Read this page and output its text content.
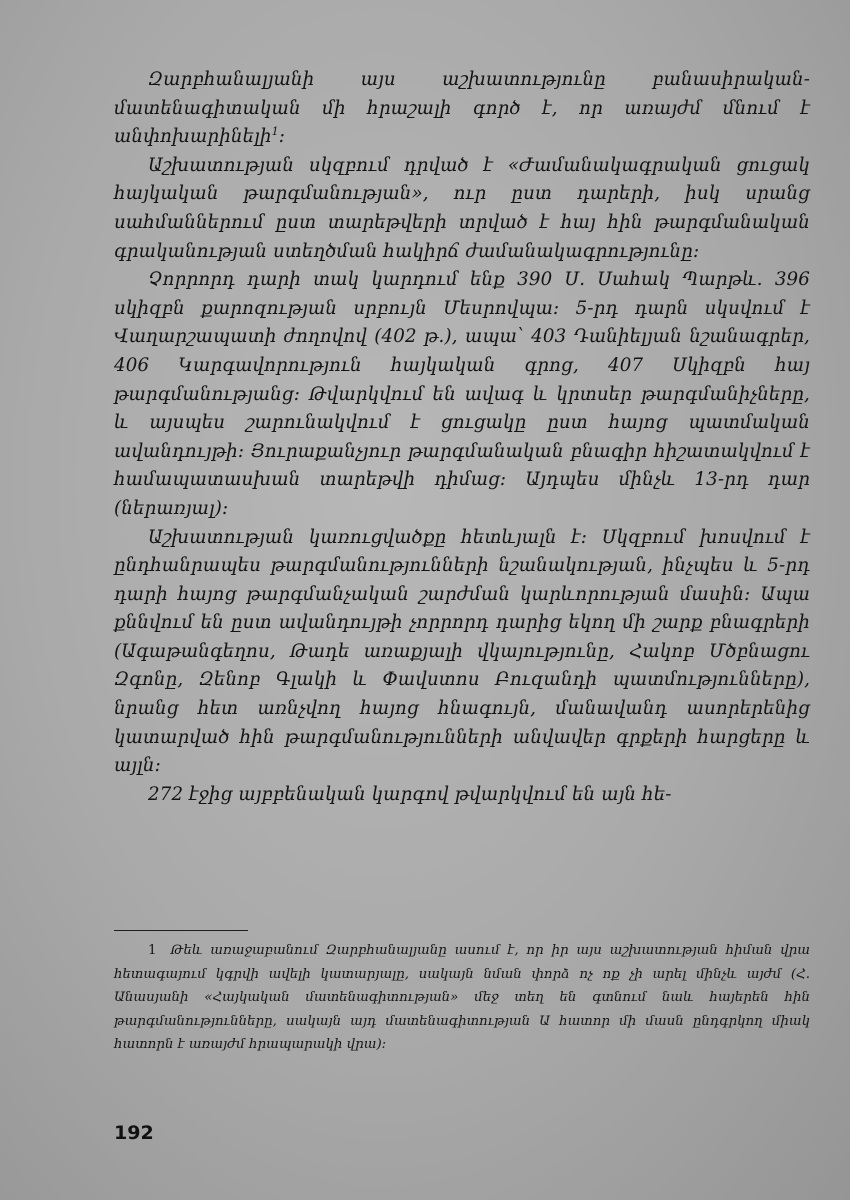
Զարբհանալյանի այս աշխատությունը բանասիրական-մատենագիտական մի հրաշալի գործ է, որ առայժմ մնում է անփոխարինելի$^1$։

Աշխատության սկզբում դրված է «Ժամանակագրական ցուցակ հայկական թարգմանության», ուր ըստ դարերի, իսկ սրանց սահմաններում ըստ տարեթվերի տրված է հայ հին թարգմանական գրականության ստեղծման հակիրճ ժամանակագրությունը։

Չորրորդ դարի տակ կարդում ենք 390 Ս. Սահակ Պարթև. 396 սկիզբն քարոզության սրբույն Մեսրովպա։ 5-րդ դարն սկսվում է Վաղարշապատի ժողովով (402 թ.), ապա՝ 403 Դանիելյան նշանագրեր, 406 Կարգավորություն հայկական գրոց, 407 Սկիզբն հայ թարգմանությանց։ Թվարկվում են ավագ և կրտսեր թարգմանիչները, և այսպես շարունակվում է ցուցակը ըստ հայոց պատմական ավանդույթի։ Յուրաքանչյուր թարգմանական բնագիր հիշատակվում է համապատասխան տարեթվի դիմաց։ Այդպես մինչև 13-րդ դար (ներառյալ)։

Աշխատության կառուցվածքը հետևյալն է։ Սկզբում խոսվում է ընդհանրապես թարգմանությունների նշանակության, ինչպես և 5-րդ դարի հայոց թարգմանչական շարժման կարևորության մասին։ Ապա քննվում են ըստ ավանդույթի չորրորդ դարից եկող մի շարք բնագրերի (Ագաթանգեղոս, Թադե առաքյալի վկայությունը, Հակոբ Մծբնացու Զգոնը, Զենոբ Գլակի և Փավստոս Բուզանդի պատմությունները), նրանց հետ առնչվող հայոց հնագույն, մանավանդ ասորերենից կատարված հին թարգմանությունների անվավեր գրքերի հարցերը և այլն։

272 էջից այբբենական կարգով թվարկվում են այն հե-

1 Թեև առաջաբանում Զարբհանալյանը ասում է, որ իր այս աշխատության հիման վրա հետագայում կգրվի ավելի կատարյալը, սակայն նման փորձ ոչ ոք չի արել մինչև այժմ (Հ. Անասյանի «Հայկական մատենագիտության» մեջ տեղ են գտնում նաև հայերեն հին թարգմանությունները, սակայն այդ մատենագիտության Ա հատոր մի մասն ընդգրկող միակ հատորն է առայժմ հրապարակի վրա)։

192
